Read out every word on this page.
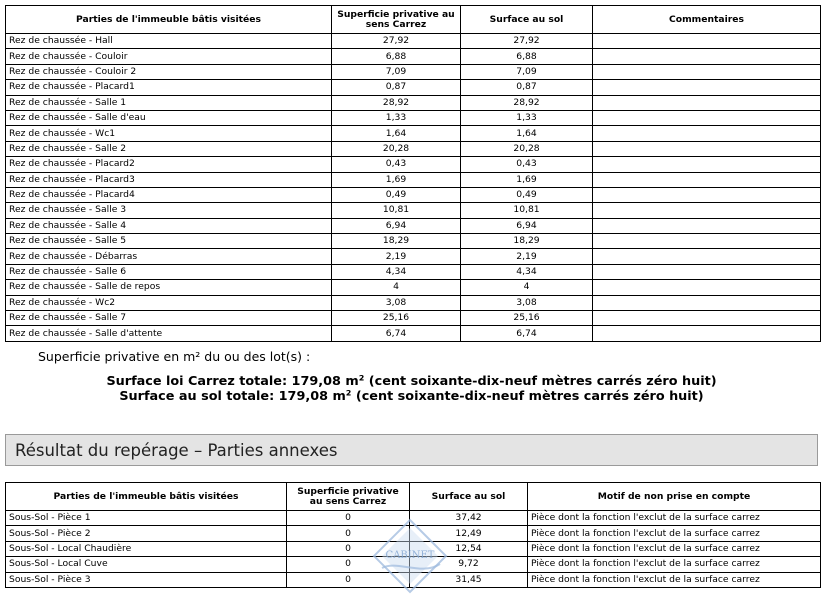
Parties de l'immeuble bâtis visitées	Superficie privative au sens Carrez	Surface au sol	Commentaires
Rez de chaussée - Hall	27,92	27,92	
Rez de chaussée - Couloir	6,88	6,88	
Rez de chaussée - Couloir 2	7,09	7,09	
Rez de chaussée - Placard1	0,87	0,87	
Rez de chaussée - Salle 1	28,92	28,92	
Rez de chaussée - Salle d'eau	1,33	1,33	
Rez de chaussée - Wc1	1,64	1,64	
Rez de chaussée - Salle 2	20,28	20,28	
Rez de chaussée - Placard2	0,43	0,43	
Rez de chaussée - Placard3	1,69	1,69	
Rez de chaussée - Placard4	0,49	0,49	
Rez de chaussée - Salle 3	10,81	10,81	
Rez de chaussée - Salle 4	6,94	6,94	
Rez de chaussée - Salle 5	18,29	18,29	
Rez de chaussée - Débarras	2,19	2,19	
Rez de chaussée - Salle 6	4,34	4,34	
Rez de chaussée - Salle de repos	4	4	
Rez de chaussée - Wc2	3,08	3,08	
Rez de chaussée - Salle 7	25,16	25,16	
Rez de chaussée - Salle d'attente	6,74	6,74	
Superficie privative en m² du ou des lot(s) :
Surface loi Carrez totale: 179,08 m² (cent soixante-dix-neuf mètres carrés zéro huit)
Surface au sol totale: 179,08 m² (cent soixante-dix-neuf mètres carrés zéro huit)
Résultat du repérage – Parties annexes
Parties de l'immeuble bâtis visitées	Superficie privative au sens Carrez	Surface au sol	Motif de non prise en compte
Sous-Sol - Pièce 1	0	37,42	Pièce dont la fonction l'exclut de la surface carrez
Sous-Sol - Pièce 2	0	12,49	Pièce dont la fonction l'exclut de la surface carrez
Sous-Sol - Local Chaudière	0	12,54	Pièce dont la fonction l'exclut de la surface carrez
Sous-Sol - Local Cuve	0	9,72	Pièce dont la fonction l'exclut de la surface carrez
Sous-Sol - Pièce 3	0	31,45	Pièce dont la fonction l'exclut de la surface carrez
CABINET
